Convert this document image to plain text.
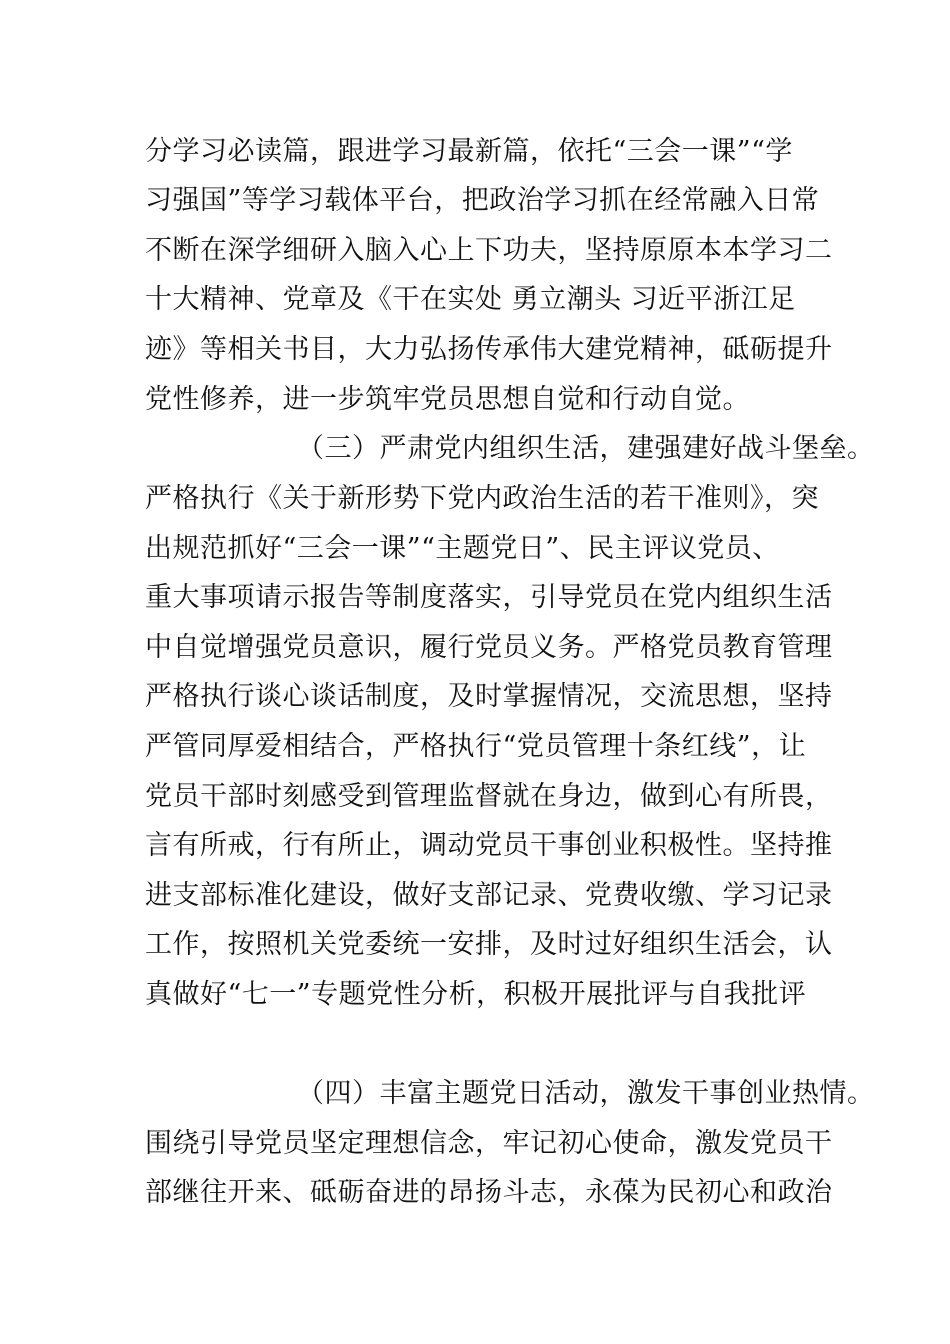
分学习必读篇，跟进学习最新篇，依托“三会一课”“学
习强国”等学习载体平台，把政治学习抓在经常融入日常
不断在深学细研入脑入心上下功夫，坚持原原本本学习二
十大精神、党章及《干在实处 勇立潮头 习近平浙江足
迹》等相关书目，大力弘扬传承伟大建党精神，砥砺提升
党性修养，进一步筑牢党员思想自觉和行动自觉。
（三）严肃党内组织生活，建强建好战斗堡垒。
严格执行《关于新形势下党内政治生活的若干准则》，突
出规范抓好“三会一课”“主题党日”、民主评议党员、
重大事项请示报告等制度落实，引导党员在党内组织生活
中自觉增强党员意识，履行党员义务。严格党员教育管理
严格执行谈心谈话制度，及时掌握情况，交流思想，坚持
严管同厚爱相结合，严格执行“党员管理十条红线”，让
党员干部时刻感受到管理监督就在身边，做到心有所畏，
言有所戒，行有所止，调动党员干事创业积极性。坚持推
进支部标准化建设，做好支部记录、党费收缴、学习记录
工作，按照机关党委统一安排，及时过好组织生活会，认
真做好“七一”专题党性分析，积极开展批评与自我批评
（四）丰富主题党日活动，激发干事创业热情。
围绕引导党员坚定理想信念，牢记初心使命，激发党员干
部继往开来、砥砺奋进的昂扬斗志，永葆为民初心和政治
